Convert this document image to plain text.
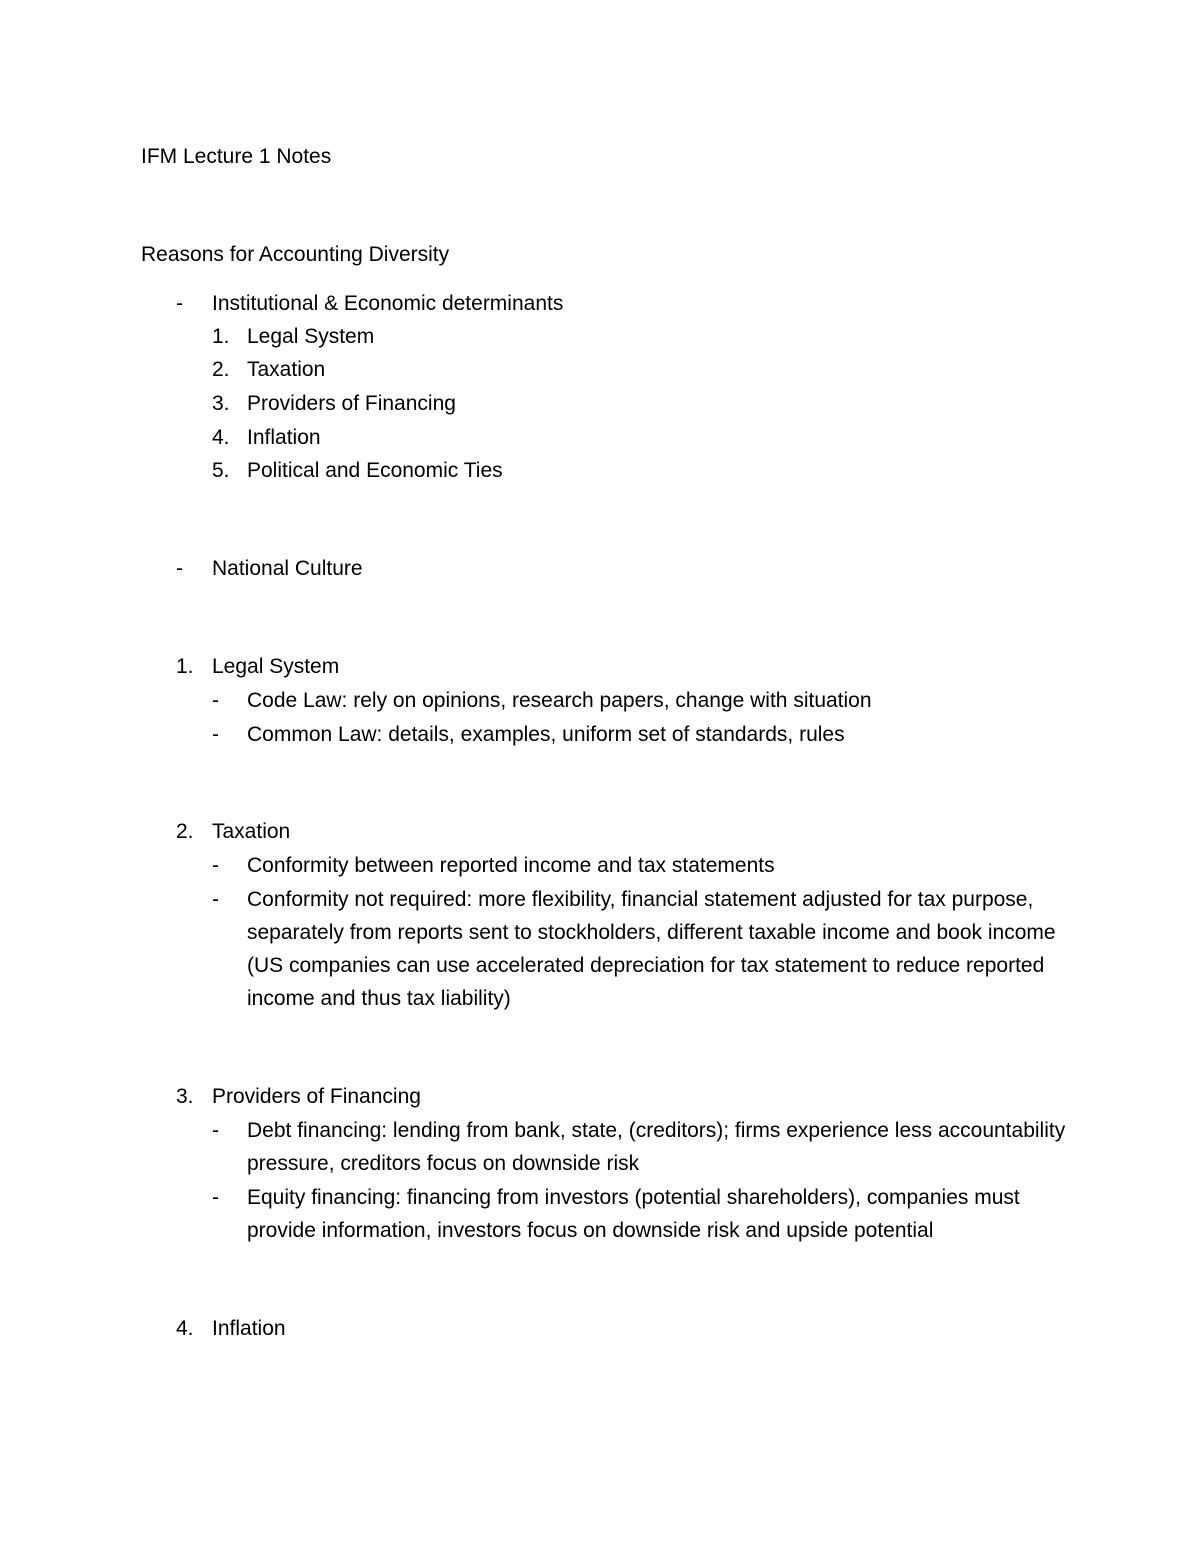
IFM Lecture 1 Notes
Reasons for Accounting Diversity
- Institutional & Economic determinants
1. Legal System
2. Taxation
3. Providers of Financing
4. Inflation
5. Political and Economic Ties
- National Culture
1. Legal System
- Code Law: rely on opinions, research papers, change with situation
- Common Law: details, examples, uniform set of standards, rules
2. Taxation
- Conformity between reported income and tax statements
- Conformity not required: more flexibility, financial statement adjusted for tax purpose, separately from reports sent to stockholders, different taxable income and book income (US companies can use accelerated depreciation for tax statement to reduce reported income and thus tax liability)
3. Providers of Financing
- Debt financing: lending from bank, state, (creditors); firms experience less accountability pressure, creditors focus on downside risk
- Equity financing: financing from investors (potential shareholders), companies must provide information, investors focus on downside risk and upside potential
4. Inflation
